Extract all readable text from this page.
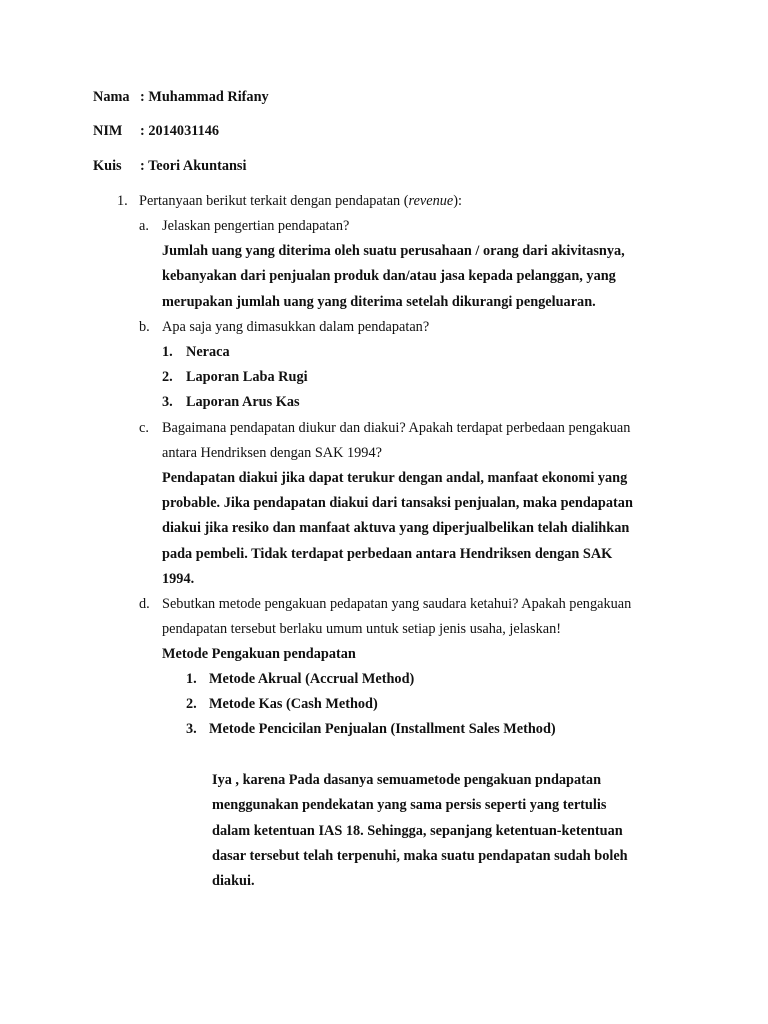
Nama : Muhammad Rifany
NIM : 2014031146
Kuis : Teori Akuntansi
1. Pertanyaan berikut terkait dengan pendapatan (revenue):
a. Jelaskan pengertian pendapatan?
Jumlah uang yang diterima oleh suatu perusahaan / orang dari akivitasnya,
kebanyakan dari penjualan produk dan/atau jasa kepada pelanggan, yang
merupakan jumlah uang yang diterima setelah dikurangi pengeluaran.
b. Apa saja yang dimasukkan dalam pendapatan?
1. Neraca
2. Laporan Laba Rugi
3. Laporan Arus Kas
c. Bagaimana pendapatan diukur dan diakui? Apakah terdapat perbedaan pengakuan
antara Hendriksen dengan SAK 1994?
Pendapatan diakui jika dapat terukur dengan andal, manfaat ekonomi yang
probable. Jika pendapatan diakui dari tansaksi penjualan, maka pendapatan
diakui jika resiko dan manfaat aktuva yang diperjualbelikan telah dialihkan
pada pembeli. Tidak terdapat perbedaan antara Hendriksen dengan SAK
1994.
d. Sebutkan metode pengakuan pedapatan yang saudara ketahui? Apakah pengakuan
pendapatan tersebut berlaku umum untuk setiap jenis usaha, jelaskan!
Metode Pengakuan pendapatan
1. Metode Akrual (Accrual Method)
2. Metode Kas (Cash Method)
3. Metode Pencicilan Penjualan (Installment Sales Method)
Iya , karena Pada dasanya semuametode pengakuan pndapatan
menggunakan pendekatan yang sama persis seperti yang tertulis
dalam ketentuan IAS 18. Sehingga, sepanjang ketentuan-ketentuan
dasar tersebut telah terpenuhi, maka suatu pendapatan sudah boleh
diakui.
